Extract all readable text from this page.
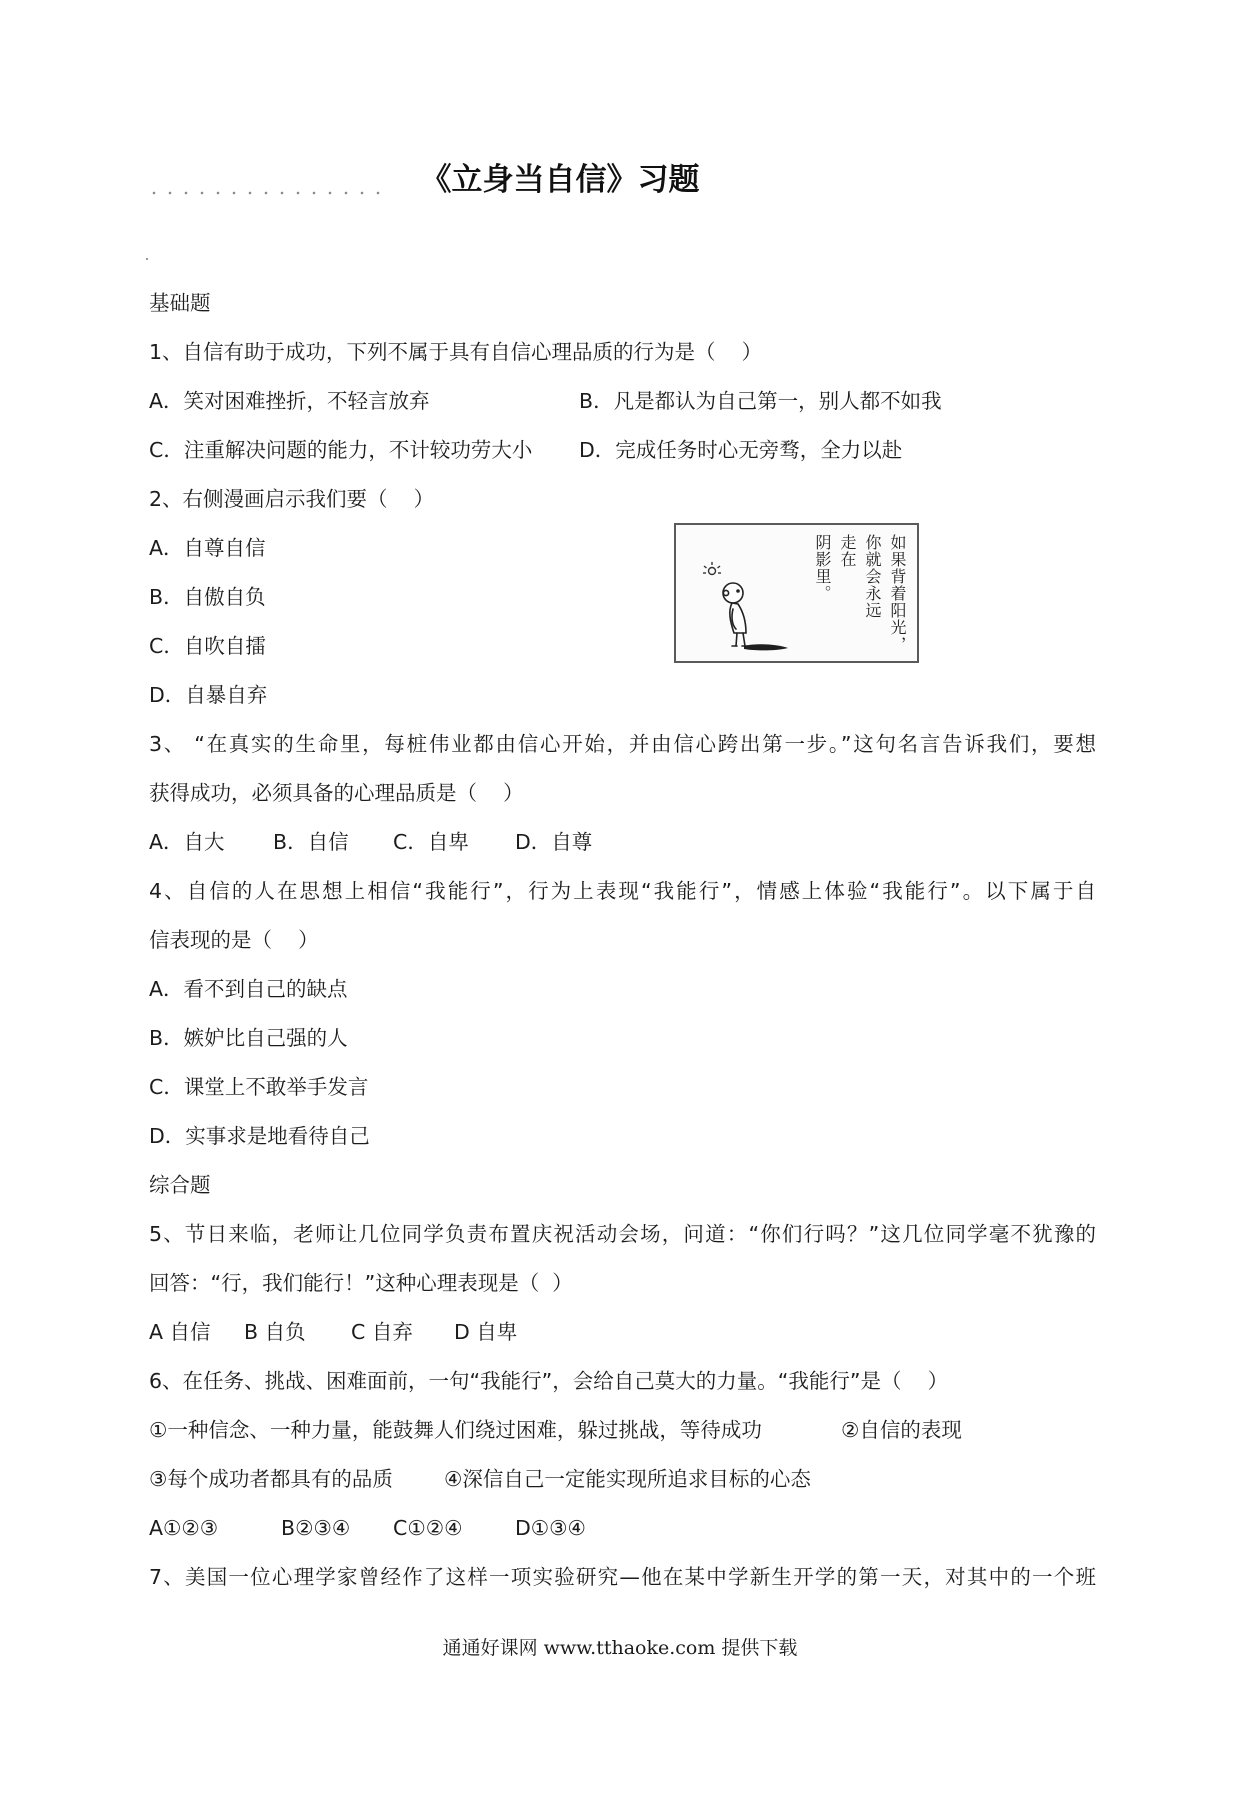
《立身当自信》习题
基础题
1、自信有助于成功，下列不属于具有自信心理品质的行为是（    ）

A．笑对困难挫折，不轻言放弃

	B．凡是都认为自己第一，别人都不如我

C．注重解决问题的能力，不计较功劳大小

D．完成任务时心无旁骛，全力以赴

2、右侧漫画启示我们要（    ）
A．自尊自信
B．自傲自负
C．自吹自擂
D．自暴自弃
3、 “在真实的生命里，每桩伟业都由信心开始，并由信心跨出第一步。”这句名言告诉我们，要想
获得成功，必须具备的心理品质是（    ）

A．自大

B．自信

C．自卑

D．自尊

4、自信的人在思想上相信“我能行”，行为上表现“我能行”，情感上体验“我能行”。以下属于自
信表现的是（    ）
A．看不到自己的缺点
B．嫉妒比自己强的人
C．课堂上不敢举手发言
D．实事求是地看待自己
综合题
5、节日来临，老师让几位同学负责布置庆祝活动会场，问道：“你们行吗？”这几位同学毫不犹豫的
回答：“行，我们能行！”这种心理表现是（  ）

A 自信

B 自负

C 自弃

D 自卑

6、在任务、挑战、困难面前，一句“我能行”，会给自己莫大的力量。“我能行”是（    ）

①一种信念、一种力量，能鼓舞人们绕过困难，躲过挑战，等待成功

	②自信的表现

③每个成功者都具有的品质

④深信自己一定能实现所追求目标的心态

A①②③

	B②③④

C①②④

	D①③④

7、美国一位心理学家曾经作了这样一项实验研究—他在某中学新生开学的第一天，对其中的一个班
如果背着阳光，
你就会永远
走在
阴影里。
通通好课网 www.tthaoke.com 提供下载
